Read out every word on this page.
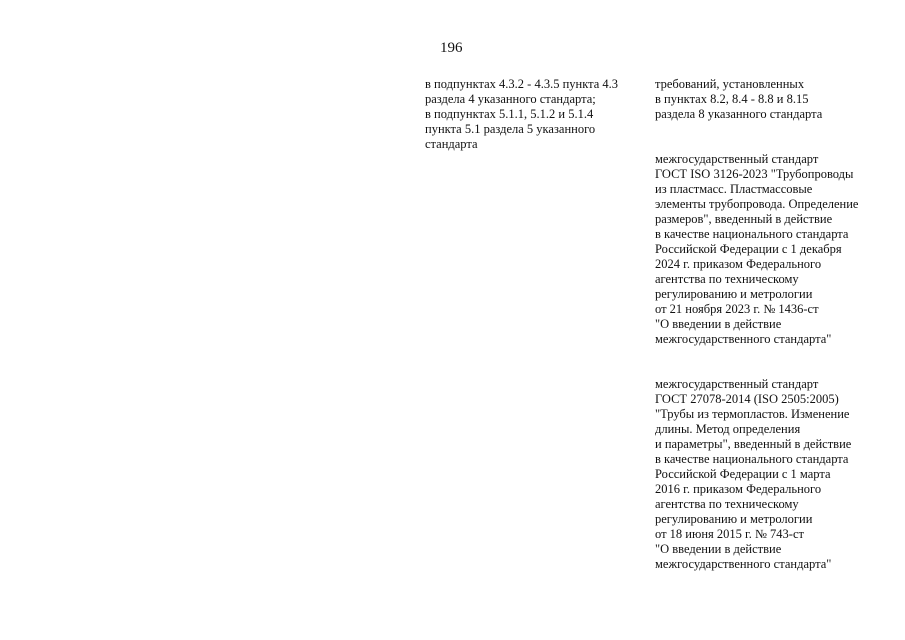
196
в подпунктах 4.3.2 - 4.3.5 пункта 4.3
раздела 4 указанного стандарта;
в подпунктах 5.1.1, 5.1.2 и 5.1.4
пункта 5.1 раздела 5 указанного
стандарта
требований, установленных
в пунктах 8.2, 8.4 - 8.8 и 8.15
раздела 8 указанного стандарта
межгосударственный стандарт
ГОСТ ISO 3126-2023 "Трубопроводы
из пластмасс. Пластмассовые
элементы трубопровода. Определение
размеров", введенный в действие
в качестве национального стандарта
Российской Федерации с 1 декабря
2024 г. приказом Федерального
агентства по техническому
регулированию и метрологии
от 21 ноября 2023 г. № 1436-ст
"О введении в действие
межгосударственного стандарта"
межгосударственный стандарт
ГОСТ 27078-2014 (ISO 2505:2005)
"Трубы из термопластов. Изменение
длины. Метод определения
и параметры", введенный в действие
в качестве национального стандарта
Российской Федерации с 1 марта
2016 г. приказом Федерального
агентства по техническому
регулированию и метрологии
от 18 июня 2015 г. № 743-ст
"О введении в действие
межгосударственного стандарта"
